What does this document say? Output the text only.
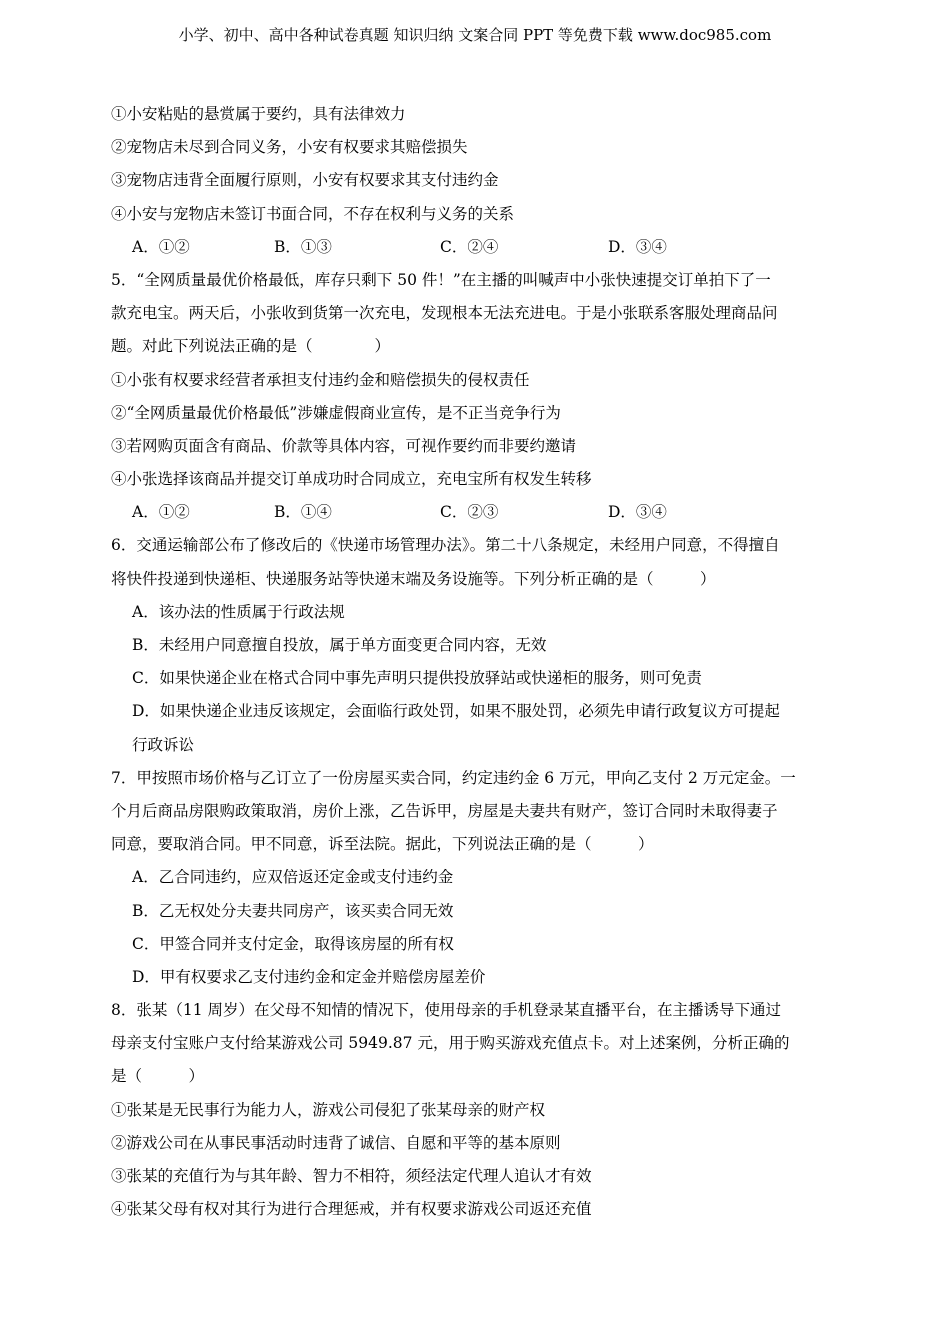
小学、初中、高中各种试卷真题 知识归纳 文案合同 PPT 等免费下载 www.doc985.com
①小安粘贴的悬赏属于要约，具有法律效力
②宠物店未尽到合同义务，小安有权要求其赔偿损失
③宠物店违背全面履行原则，小安有权要求其支付违约金
④小安与宠物店未签订书面合同，不存在权利与义务的关系
A．①②	B．①③	C．②④	D．③④
5．“全网质量最优价格最低，库存只剩下 50 件！”在主播的叫喊声中小张快速提交订单拍下了一
款充电宝。两天后，小张收到货第一次充电，发现根本无法充进电。于是小张联系客服处理商品问
题。对此下列说法正确的是（　　　　）
①小张有权要求经营者承担支付违约金和赔偿损失的侵权责任
②“全网质量最优价格最低”涉嫌虚假商业宣传，是不正当竞争行为
③若网购页面含有商品、价款等具体内容，可视作要约而非要约邀请
④小张选择该商品并提交订单成功时合同成立，充电宝所有权发生转移
A．①②	B．①④	C．②③	D．③④
6．交通运输部公布了修改后的《快递市场管理办法》。第二十八条规定，未经用户同意，不得擅自
将快件投递到快递柜、快递服务站等快递末端及务设施等。下列分析正确的是（　　　）
A．该办法的性质属于行政法规
B．未经用户同意擅自投放，属于单方面变更合同内容，无效
C．如果快递企业在格式合同中事先声明只提供投放驿站或快递柜的服务，则可免责
D．如果快递企业违反该规定，会面临行政处罚，如果不服处罚，必须先申请行政复议方可提起
行政诉讼
7．甲按照市场价格与乙订立了一份房屋买卖合同，约定违约金 6 万元，甲向乙支付 2 万元定金。一
个月后商品房限购政策取消，房价上涨，乙告诉甲，房屋是夫妻共有财产，签订合同时未取得妻子
同意，要取消合同。甲不同意，诉至法院。据此，下列说法正确的是（　　　）
A．乙合同违约，应双倍返还定金或支付违约金
B．乙无权处分夫妻共同房产，该买卖合同无效
C．甲签合同并支付定金，取得该房屋的所有权
D．甲有权要求乙支付违约金和定金并赔偿房屋差价
8．张某（11 周岁）在父母不知情的情况下，使用母亲的手机登录某直播平台，在主播诱导下通过
母亲支付宝账户支付给某游戏公司 5949.87 元，用于购买游戏充值点卡。对上述案例，分析正确的
是（　　　）
①张某是无民事行为能力人，游戏公司侵犯了张某母亲的财产权
②游戏公司在从事民事活动时违背了诚信、自愿和平等的基本原则
③张某的充值行为与其年龄、智力不相符，须经法定代理人追认才有效
④张某父母有权对其行为进行合理惩戒，并有权要求游戏公司返还充值
